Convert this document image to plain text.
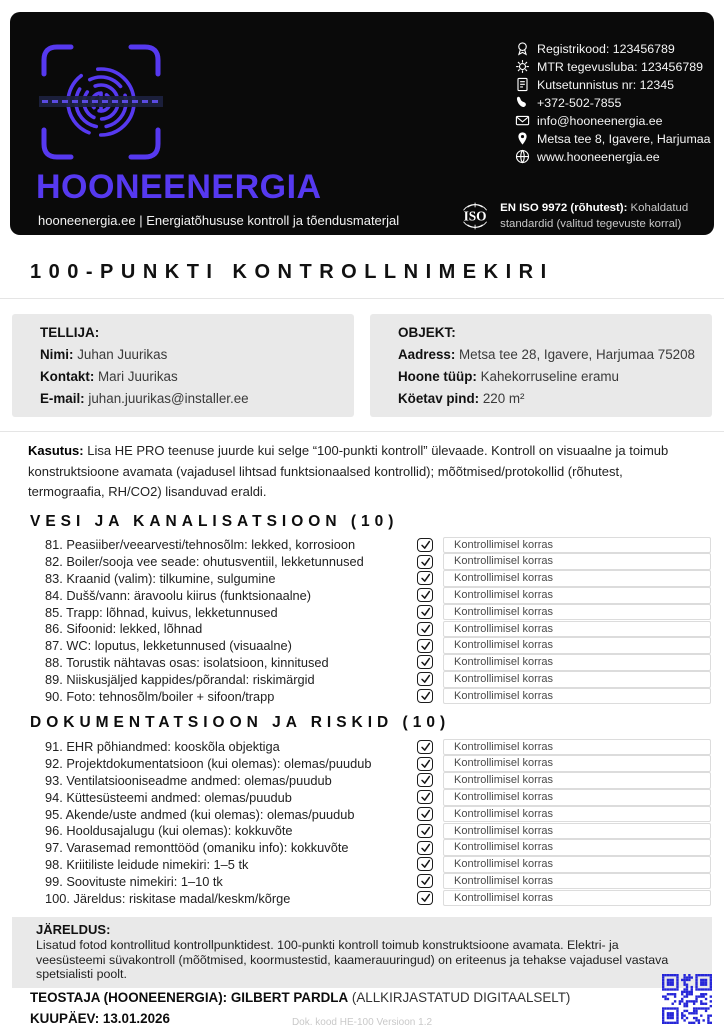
HOONEENERGIA
hooneenergia.ee | Energiatõhususe kontroll ja tõendusmaterjal
Registrikood: 123456789
MTR tegevusluba: 123456789
Kutsetunnistus nr: 12345
+372-502-7855
info@hooneenergia.ee
Metsa tee 8, Igavere, Harjumaa
www.hooneenergia.ee
ISO
EN ISO 9972 (rõhutest): Kohaldatud standardid (valitud tegevuste korral)
100-PUNKTI KONTROLLNIMEKIRI
TELLIJA:
Nimi: Juhan Juurikas
Kontakt: Mari Juurikas
E-mail: juhan.juurikas@installer.ee
OBJEKT:
Aadress: Metsa tee 28, Igavere, Harjumaa 75208
Hoone tüüp: Kahekorruseline eramu
Köetav pind: 220 m²
Kasutus: Lisa HE PRO teenuse juurde kui selge “100-punkti kontroll” ülevaade. Kontroll on visuaalne ja toimub konstruktsioone avamata (vajadusel lihtsad funktsionaalsed kontrollid); mõõtmised/protokollid (rõhutest, termograafia, RH/CO2) lisanduvad eraldi.
VESI JA KANALISATSIOON (10)
81. Peasiiber/veearvesti/tehnosõlm: lekked, korrosioon	Kontrollimisel korras
82. Boiler/sooja vee seade: ohutusventiil, lekketunnused	Kontrollimisel korras
83. Kraanid (valim): tilkumine, sulgumine	Kontrollimisel korras
84. Dušš/vann: äravoolu kiirus (funktsionaalne)	Kontrollimisel korras
85. Trapp: lõhnad, kuivus, lekketunnused	Kontrollimisel korras
86. Sifoonid: lekked, lõhnad	Kontrollimisel korras
87. WC: loputus, lekketunnused (visuaalne)	Kontrollimisel korras
88. Torustik nähtavas osas: isolatsioon, kinnitused	Kontrollimisel korras
89. Niiskusjäljed kappides/põrandal: riskimärgid	Kontrollimisel korras
90. Foto: tehnosõlm/boiler + sifoon/trapp	Kontrollimisel korras
DOKUMENTATSIOON JA RISKID (10)
91. EHR põhiandmed: kooskõla objektiga	Kontrollimisel korras
92. Projektdokumentatsioon (kui olemas): olemas/puudub	Kontrollimisel korras
93. Ventilatsiooniseadme andmed: olemas/puudub	Kontrollimisel korras
94. Küttesüsteemi andmed: olemas/puudub	Kontrollimisel korras
95. Akende/uste andmed (kui olemas): olemas/puudub	Kontrollimisel korras
96. Hooldusajalugu (kui olemas): kokkuvõte	Kontrollimisel korras
97. Varasemad remonttööd (omaniku info): kokkuvõte	Kontrollimisel korras
98. Kriitiliste leidude nimekiri: 1–5 tk	Kontrollimisel korras
99. Soovituste nimekiri: 1–10 tk	Kontrollimisel korras
100. Järeldus: riskitase madal/keskm/kõrge	Kontrollimisel korras
JÄRELDUS:
Lisatud fotod kontrollitud kontrollpunktidest. 100-punkti kontroll toimub konstruktsioone avamata. Elektri- ja veesüsteemi süvakontroll (mõõtmised, koormustestid, kaamerauuringud) on eriteenus ja tehakse vajadusel vastava spetsialisti poolt.
TEOSTAJA (HOONEENERGIA): GILBERT PARDLA (ALLKIRJASTATUD DIGITAALSELT)
KUUPÄEV: 13.01.2026	Dok. kood HE-100 Versioon 1.2
